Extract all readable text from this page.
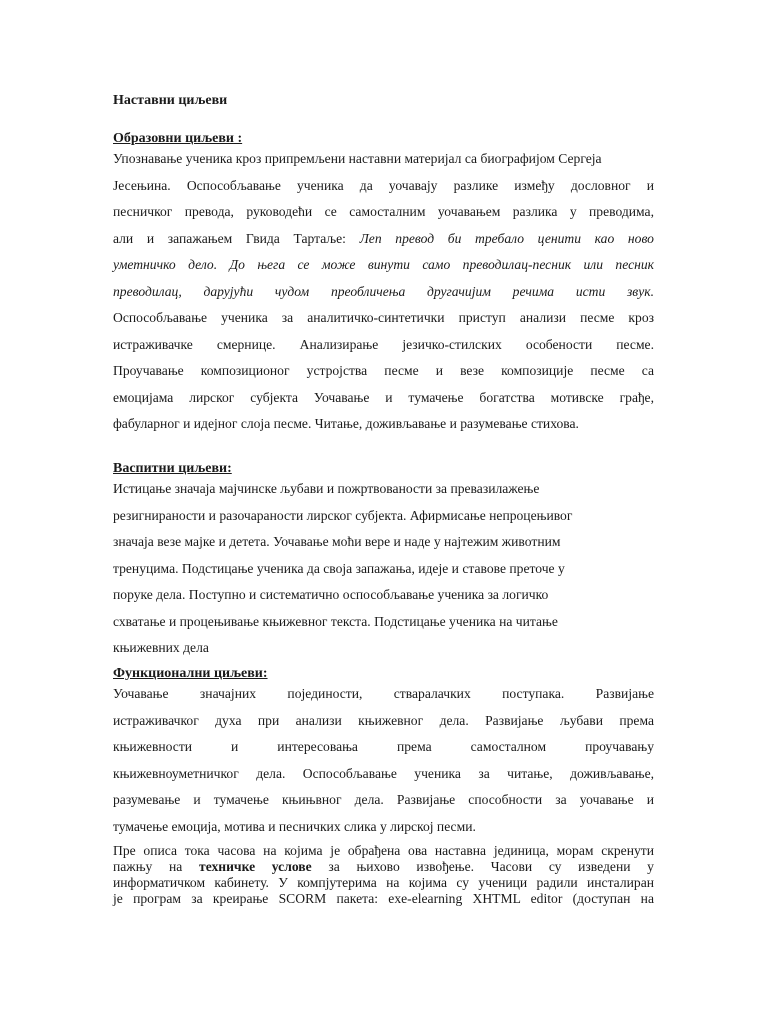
Наставни циљеви

Образовни циљеви :

Упознавање ученика кроз припремљени наставни материјал са биографијом Сергеја
Јесењина. Оспособљавање ученика да уочавају разлике између дословног и
песничког превода, руководећи се самосталним уочавањем разлика у преводима,
али и запажањем Гвида Тартаље: Леп превод би требало ценити као ново
уметничко дело. До њега се може винути само преводилац-песник или песник
преводилац, дарујући чудом преобличења другачијим речима исти звук.
Оспособљавање ученика за аналитичко-синтетички приступ анализи песме кроз
истраживачке смернице. Анализирање језичко-стилских особености песме.
Проучавање композиционог устројства песме и везе композиције песме са
емоцијама лирског субјекта Уочавање и тумачење богатства мотивске грађе,
фабуларног и идејног слоја песме. Читање, доживљавање и разумевање стихова.

Васпитни циљеви:

Истицање значаја мајчинске љубави и пожртвованости за превазилажење
резигнираности и разочараности лирског субјекта. Афирмисање непроцењивог
значаја везе мајке и детета. Уочавање моћи вере и наде у најтежим животним
тренуцима. Подстицање ученика да своја запажања, идеје и ставове преточе у
поруке дела. Поступно и систематично оспособљавање ученика за логичко
схватање и процењивање књижевног текста. Подстицање ученика на читање
књижевних дела

Функционални циљеви:

Уочавање значајних појединости, стваралачких поступака. Развијање
истраживачког духа при анализи књижевног дела. Развијање љубави према
књижевности и интересовања према самосталном проучавању
књижевноуметничког дела. Оспособљавање ученика за читање, доживљавање,
разумевање и тумачење књињвног дела. Развијање способности за уочавање и
тумачење емоција, мотива и песничких слика у лирској песми.
Пре описа тока часова на којима је обрађена ова наставна јединица, морам скренути
пажњу на техничке услове за њихово извођење. Часови су изведени у
информатичком кабинету. У компјутерима на којима су ученици радили инсталиран
је програм за креирање SCORM пакета: exe-elearning XHTML editor (доступан на
